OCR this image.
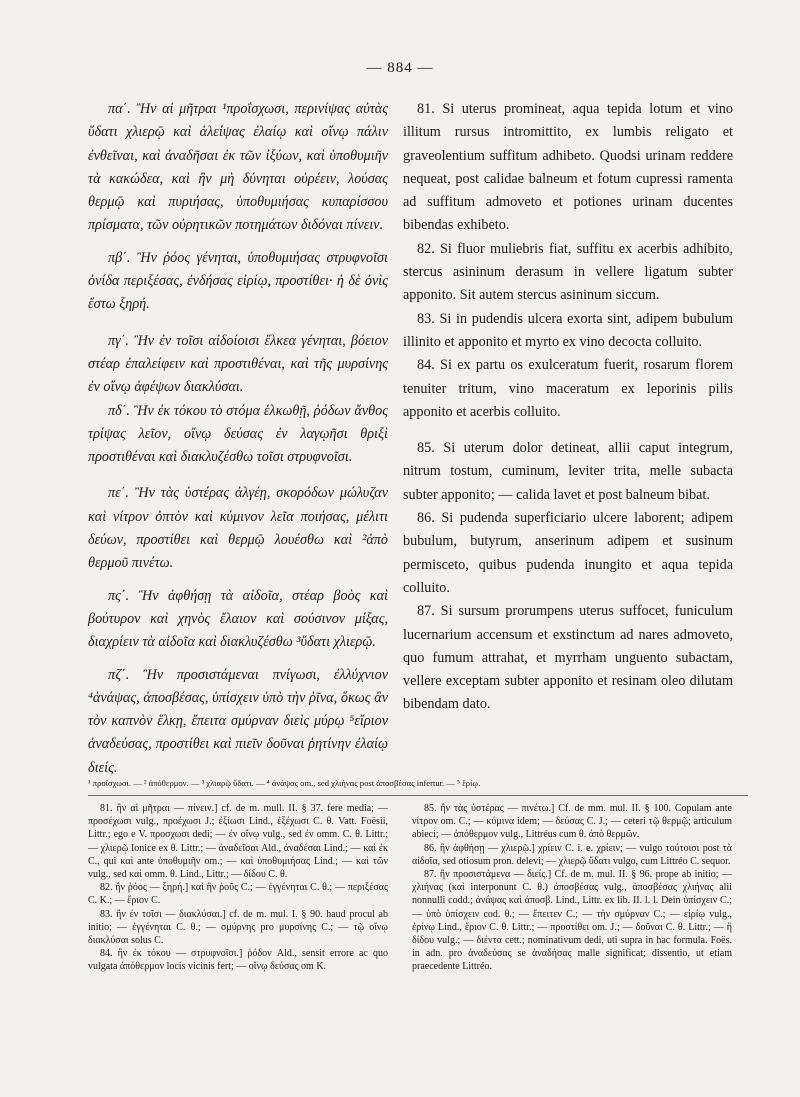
— 884 —

πα΄. Ἢν αἱ μῆτραι ¹προΐσχωσι, περινίψας αὐτὰς ὕδατι χλιερῷ καὶ ἀλείψας ἐλαίῳ καὶ οἴνῳ πάλιν ἐνθεῖναι, καὶ ἀναδῆσαι ἐκ τῶν ἰξύων, καὶ ὑποθυμιῆν τὰ κακώδεα, καὶ ἢν μὴ δύνηται οὐρέειν, λούσας θερμῷ καὶ πυριήσας, ὑποθυμιήσας κυπαρίσσου πρίσματα, τῶν οὐρητικῶν ποτημάτων διδόναι πίνειν.

πβ΄. Ἢν ῥόος γένηται, ὑποθυμιήσας στρυφνοῖσι ὀνίδα περιξέσας, ἐνδήσας εἰρίῳ, προστίθει· ἡ δὲ ὀνὶς ἔστω ξηρή.

πγ΄. Ἢν ἐν τοῖσι αἰδοίοισι ἕλκεα γένηται, βόειον στέαρ ἐπαλείφειν καὶ προστιθέναι, καὶ τῆς μυρσίνης ἐν οἴνῳ ἀφέψων διακλύσαι.

πδ΄. Ἢν ἐκ τόκου τὸ στόμα ἑλκωθῇ, ῥόδων ἄνθος τρίψας λεῖον, οἴνῳ δεύσας ἐν λαγῳῆσι θριξὶ προστιθέναι καὶ διακλυζέσθω τοῖσι στρυφνοῖσι.

πε΄. Ἢν τὰς ὑστέρας ἀλγέῃ, σκορόδων μώλυζαν καὶ νίτρον ὀπτὸν καὶ κύμινον λεῖα ποιήσας, μέλιτι δεύων, προστίθει καὶ θερμῷ λουέσθω καὶ ²ἀπὸ θερμοῦ πινέτω.

πς΄. Ἢν ἀφθήσῃ τὰ αἰδοῖα, στέαρ βοὸς καὶ βούτυρον καὶ χηνὸς ἔλαιον καὶ σούσινον μίξας, διαχρίειν τὰ αἰδοῖα καὶ διακλυζέσθω ³ὕδατι χλιερῷ.

πζ΄. Ἢν προσιστάμεναι πνίγωσι, ἐλλύχνιον ⁴ἀνάψας, ἀποσβέσας, ὑπίσχειν ὑπὸ τὴν ῥῖνα, ὅκως ἂν τὸν καπνὸν ἕλκῃ, ἔπειτα σμύρναν διεὶς μύρῳ ⁵εἴριον ἀναδεύσας, προστίθει καὶ πιεῖν δοῦναι ῥητίνην ἐλαίῳ διείς.

81. Si uterus promineat, aqua tepida lotum et vino illitum rursus intromittito, ex lumbis religato et graveolentium suffitum adhibeto. Quodsi urinam reddere nequeat, post calidae balneum et fotum cupressi ramenta ad suffitum admoveto et potiones urinam ducentes bibendas exhibeto.

82. Si fluor muliebris fiat, suffitu ex acerbis adhibito, stercus asininum derasum in vellere ligatum subter apponito. Sit autem stercus asininum siccum.

83. Si in pudendis ulcera exorta sint, adipem bubulum illinito et apponito et myrto ex vino decocta colluito.

84. Si ex partu os exulceratum fuerit, rosarum florem tenuiter tritum, vino maceratum ex leporinis pilis apponito et acerbis colluito.

85. Si uterum dolor detineat, allii caput integrum, nitrum tostum, cuminum, leviter trita, melle subacta subter apponito; — calida lavet et post balneum bibat.

86. Si pudenda superficiario ulcere laborent; adipem bubulum, butyrum, anserinum adipem et susinum permisceto, quibus pudenda inungito et aqua tepida colluito.

87. Si sursum prorumpens uterus suffocet, funiculum lucernarium accensum et exstinctum ad nares admoveto, quo fumum attrahat, et myrrham unguento subactam, vellere exceptam subter apponito et resinam oleo dilutam bibendam dato.

¹ προΐσχωσι. — ² ἀπόθερμον. — ³ χλιαρῷ ὕδατι. — ⁴ ἀνάψας om., sed χλιήνας post ἀποσβέσας infertur. — ⁵ ἔρίῳ.

81. ἢν αἱ μῆτραι — πίνειν.] cf. de m. mull. II. § 37. fere media; — προσέχωσι vulg., προέχωσι J.; ἐξίωσι Lind., ἐξέχωσι C. θ. Vatt. Foësii, Littr.; ego e V. προσχωσι dedi; — ἐν οἴνῳ vulg., sed ἐν omm. C. θ. Littr.; — χλιερῷ Ionice ex θ. Littr.; — ἀναδεῖσαι Ald., ἀναδέσαι Lind.; — καὶ ἐκ C., qui καὶ ante ὑποθυμιῆν om.; — καὶ ὑποθυμιήσας Lind.; — καὶ τῶν vulg., sed καὶ omm. θ. Lind., Littr.; — δίδου C. θ.

82. ἢν ῥόος — ξηρή.] καὶ ἢν ῥοῦς C.; — ἐγγένηται C. θ.; — περιξέσας C. K.; — ἔριον C.

83. ἢν ἐν τοῖσι — διακλύσαι.] cf. de m. mul. I. § 90. haud procul ab initio; — ἐγγένηται C. θ.; — σμύρνης pro μυρσίνης C.; — τῷ οἴνῳ διακλύσαι solus C.

84. ἢν ἐκ τόκου — στρυφνοῖσι.] ῥόδον Ald., sensit errore ac quo vulgata ἀπόθερμον locis vicinis fert; — οἴνῳ δεύσας om K.

85. ἢν τὰς ὑστέρας — πινέτω.] Cf. de mm. mul. II. § 100. Copulam ante νίτρον om. C.; — κύμινα idem; — δεύσας C. J.; — ceteri τῷ θερμῷ; articulum abieci; — ἀπόθερμον vulg., Littréus cum θ. ἀπὸ θερμῶν.

86. ἢν ἀφθήσῃ — χλιερῷ.] χρίειν C. i. e. χρίειν; — vulgo τούτοισι post τὰ αἰδοῖα, sed otiosum pron. delevi; — χλιερῷ ὕδατι vulgo, cum Littréo C. sequor.

87. ἢν προσιστάμενα — διείς.] Cf. de m. mul. II. § 96. prope ab initio; — χλιήνας (καὶ interponunt C. θ.) ἀποσβέσας vulg., ἀποσβέσας χλιήνας alii nonnulli codd.; ἀνάψας καὶ ἀποσβ. Lind., Littr. ex lib. II. l. l. Dein ὑπίσχειν C.; — ὑπὸ ὑπίσχειν cod. θ.; — ἔπειτεν C.; — τὴν σμύρναν C.; — εἰρίῳ vulg., ἐρίνῳ Lind., ἔριον C. θ. Littr.; — προστίθει om. J.; — δοῦναι C. θ. Littr.; — ἢ δίδου vulg.; — διέντα cett.; nominativum dedi, uti supra in hac formula. Foës. in adn. pro ἀναδεύσας se ἀναδήσας malle significat; dissentio, ut etiam praecedente Littréo.
